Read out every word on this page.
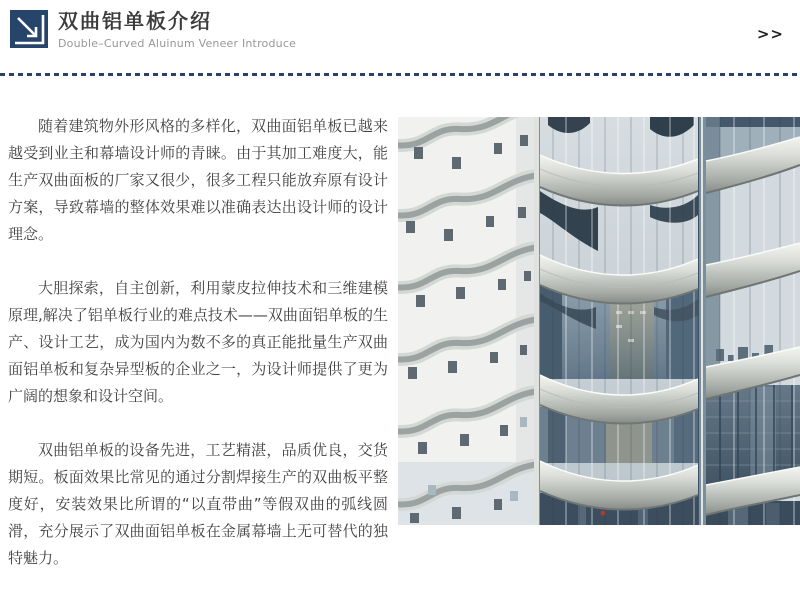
双曲铝单板介绍
Double–Curved Aluinum Veneer Introduce
>>

随着建筑物外形风格的多样化，双曲面铝单板已越来越受到业主和幕墙设计师的青睐。由于其加工难度大，能生产双曲面板的厂家又很少，很多工程只能放弃原有设计方案，导致幕墙的整体效果难以准确表达出设计师的设计理念。

大胆探索，自主创新，利用蒙皮拉伸技术和三维建模原理,解决了铝单板行业的难点技术——双曲面铝单板的生产、设计工艺，成为国内为数不多的真正能批量生产双曲面铝单板和复杂异型板的企业之一，为设计师提供了更为广阔的想象和设计空间。

双曲铝单板的设备先进，工艺精湛，品质优良，交货期短。板面效果比常见的通过分割焊接生产的双曲板平整度好，安装效果比所谓的“以直带曲”等假双曲的弧线圆滑，充分展示了双曲面铝单板在金属幕墙上无可替代的独特魅力。
